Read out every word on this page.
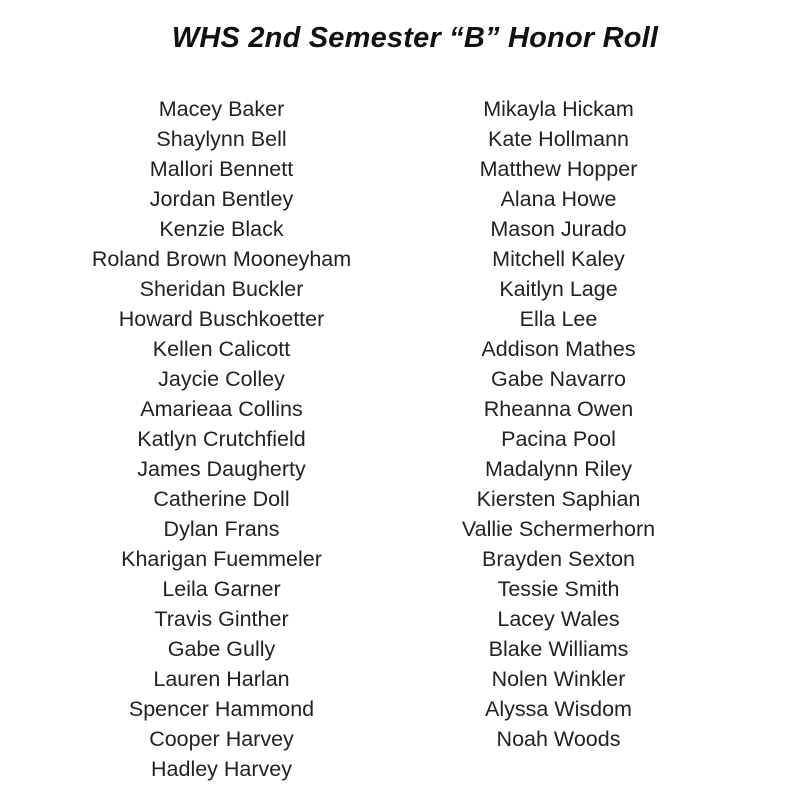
WHS 2nd Semester “B” Honor Roll
Macey Baker
Shaylynn Bell
Mallori Bennett
Jordan Bentley
Kenzie Black
Roland Brown Mooneyham
Sheridan Buckler
Howard Buschkoetter
Kellen Calicott
Jaycie Colley
Amarieaa Collins
Katlyn Crutchfield
James Daugherty
Catherine Doll
Dylan Frans
Kharigan Fuemmeler
Leila Garner
Travis Ginther
Gabe Gully
Lauren Harlan
Spencer Hammond
Cooper Harvey
Hadley Harvey
Mikayla Hickam
Kate Hollmann
Matthew Hopper
Alana Howe
Mason Jurado
Mitchell Kaley
Kaitlyn Lage
Ella Lee
Addison Mathes
Gabe Navarro
Rheanna Owen
Pacina Pool
Madalynn Riley
Kiersten Saphian
Vallie Schermerhorn
Brayden Sexton
Tessie Smith
Lacey Wales
Blake Williams
Nolen Winkler
Alyssa Wisdom
Noah Woods
